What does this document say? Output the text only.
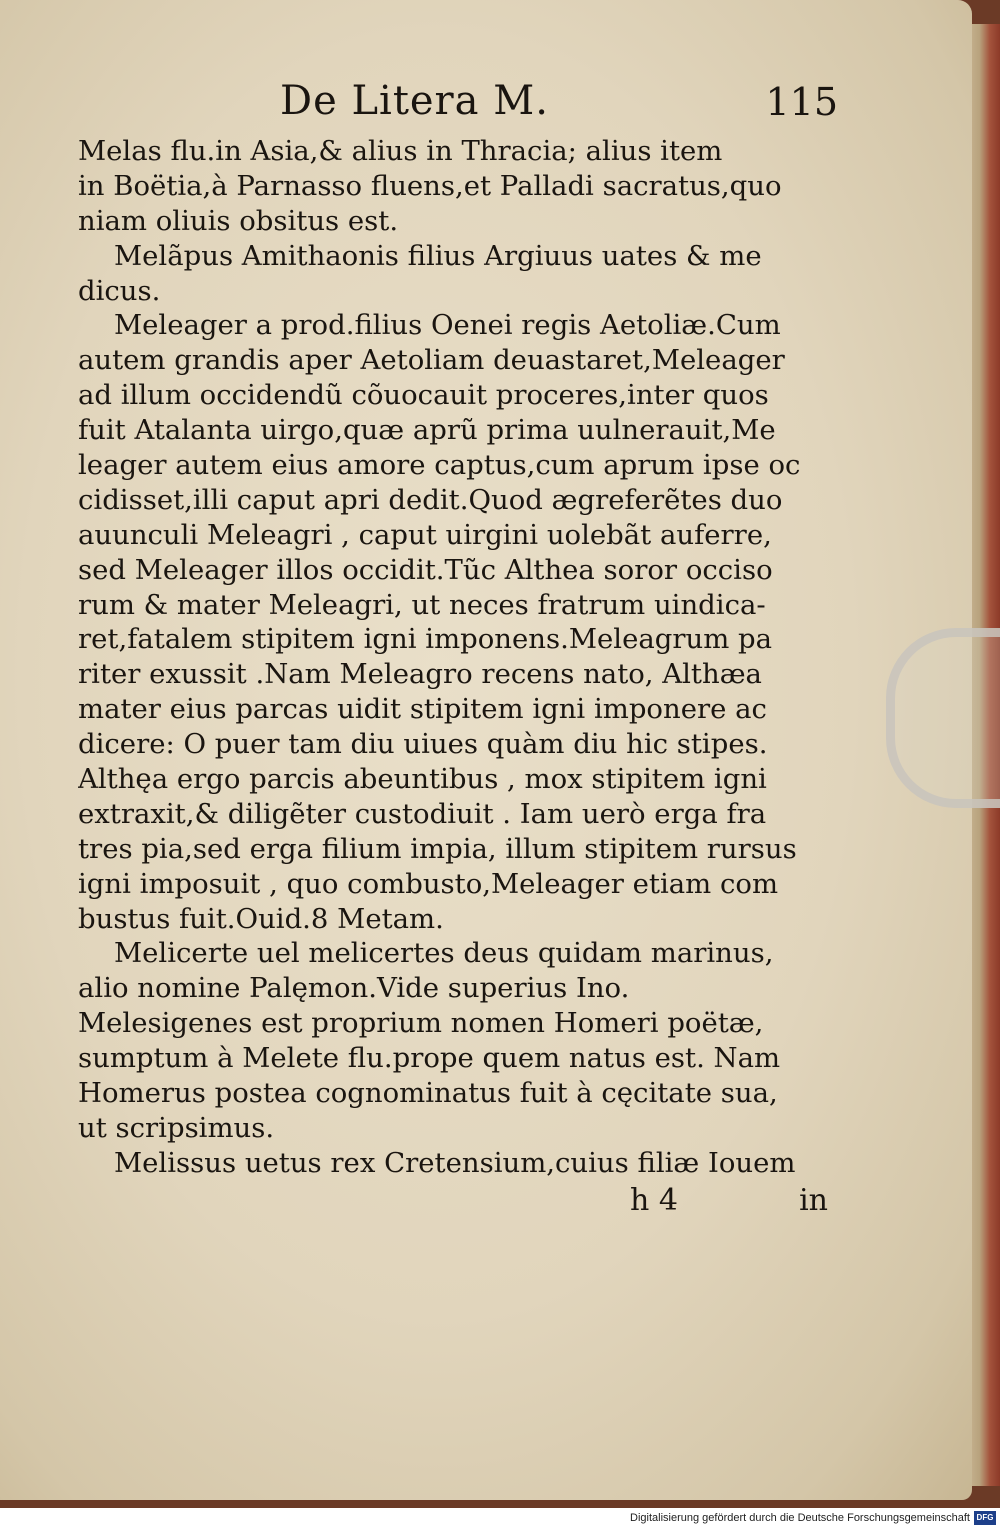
De Litera M.	115
Melas flu.in Asia,& alius in Thracia; alius item
in Boëtia,à Parnasso fluens,et Palladi sacratus,quo
niam oliuis obsitus est.
Melãpus Amithaonis filius Argiuus uates & me
dicus.
Meleager a prod.filius Oenei regis Aetoliæ.Cum
autem grandis aper Aetoliam deuastaret,Meleager
ad illum occidendũ cõuocauit proceres,inter quos
fuit Atalanta uirgo,quæ aprũ prima uulnerauit,Me
leager autem eius amore captus,cum aprum ipse oc
cidisset,illi caput apri dedit.Quod ægreferẽtes duo
auunculi Meleagri , caput uirgini uolebãt auferre,
sed Meleager illos occidit.Tũc Althea soror occiso
rum & mater Meleagri, ut neces fratrum uindica-
ret,fatalem stipitem igni imponens.Meleagrum pa
riter exussit .Nam Meleagro recens nato, Althæa
mater eius parcas uidit stipitem igni imponere ac
dicere: O puer tam diu uiues quàm diu hic stipes.
Althęa ergo parcis abeuntibus , mox stipitem igni
extraxit,& diligẽter custodiuit . Iam uerò erga fra
tres pia,sed erga filium impia, illum stipitem rursus
igni imposuit , quo combusto,Meleager etiam com
bustus fuit.Ouid.8 Metam.
Melicerte uel melicertes deus quidam marinus,
alio nomine Palęmon.Vide superius Ino.
Melesigenes est proprium nomen Homeri poëtæ,
sumptum à Melete flu.prope quem natus est. Nam
Homerus postea cognominatus fuit à cęcitate sua,
ut scripsimus.
Melissus uetus rex Cretensium,cuius filiæ Iouem
h 4	in
Digitalisierung gefördert durch die Deutsche Forschungsgemeinschaft DFG
